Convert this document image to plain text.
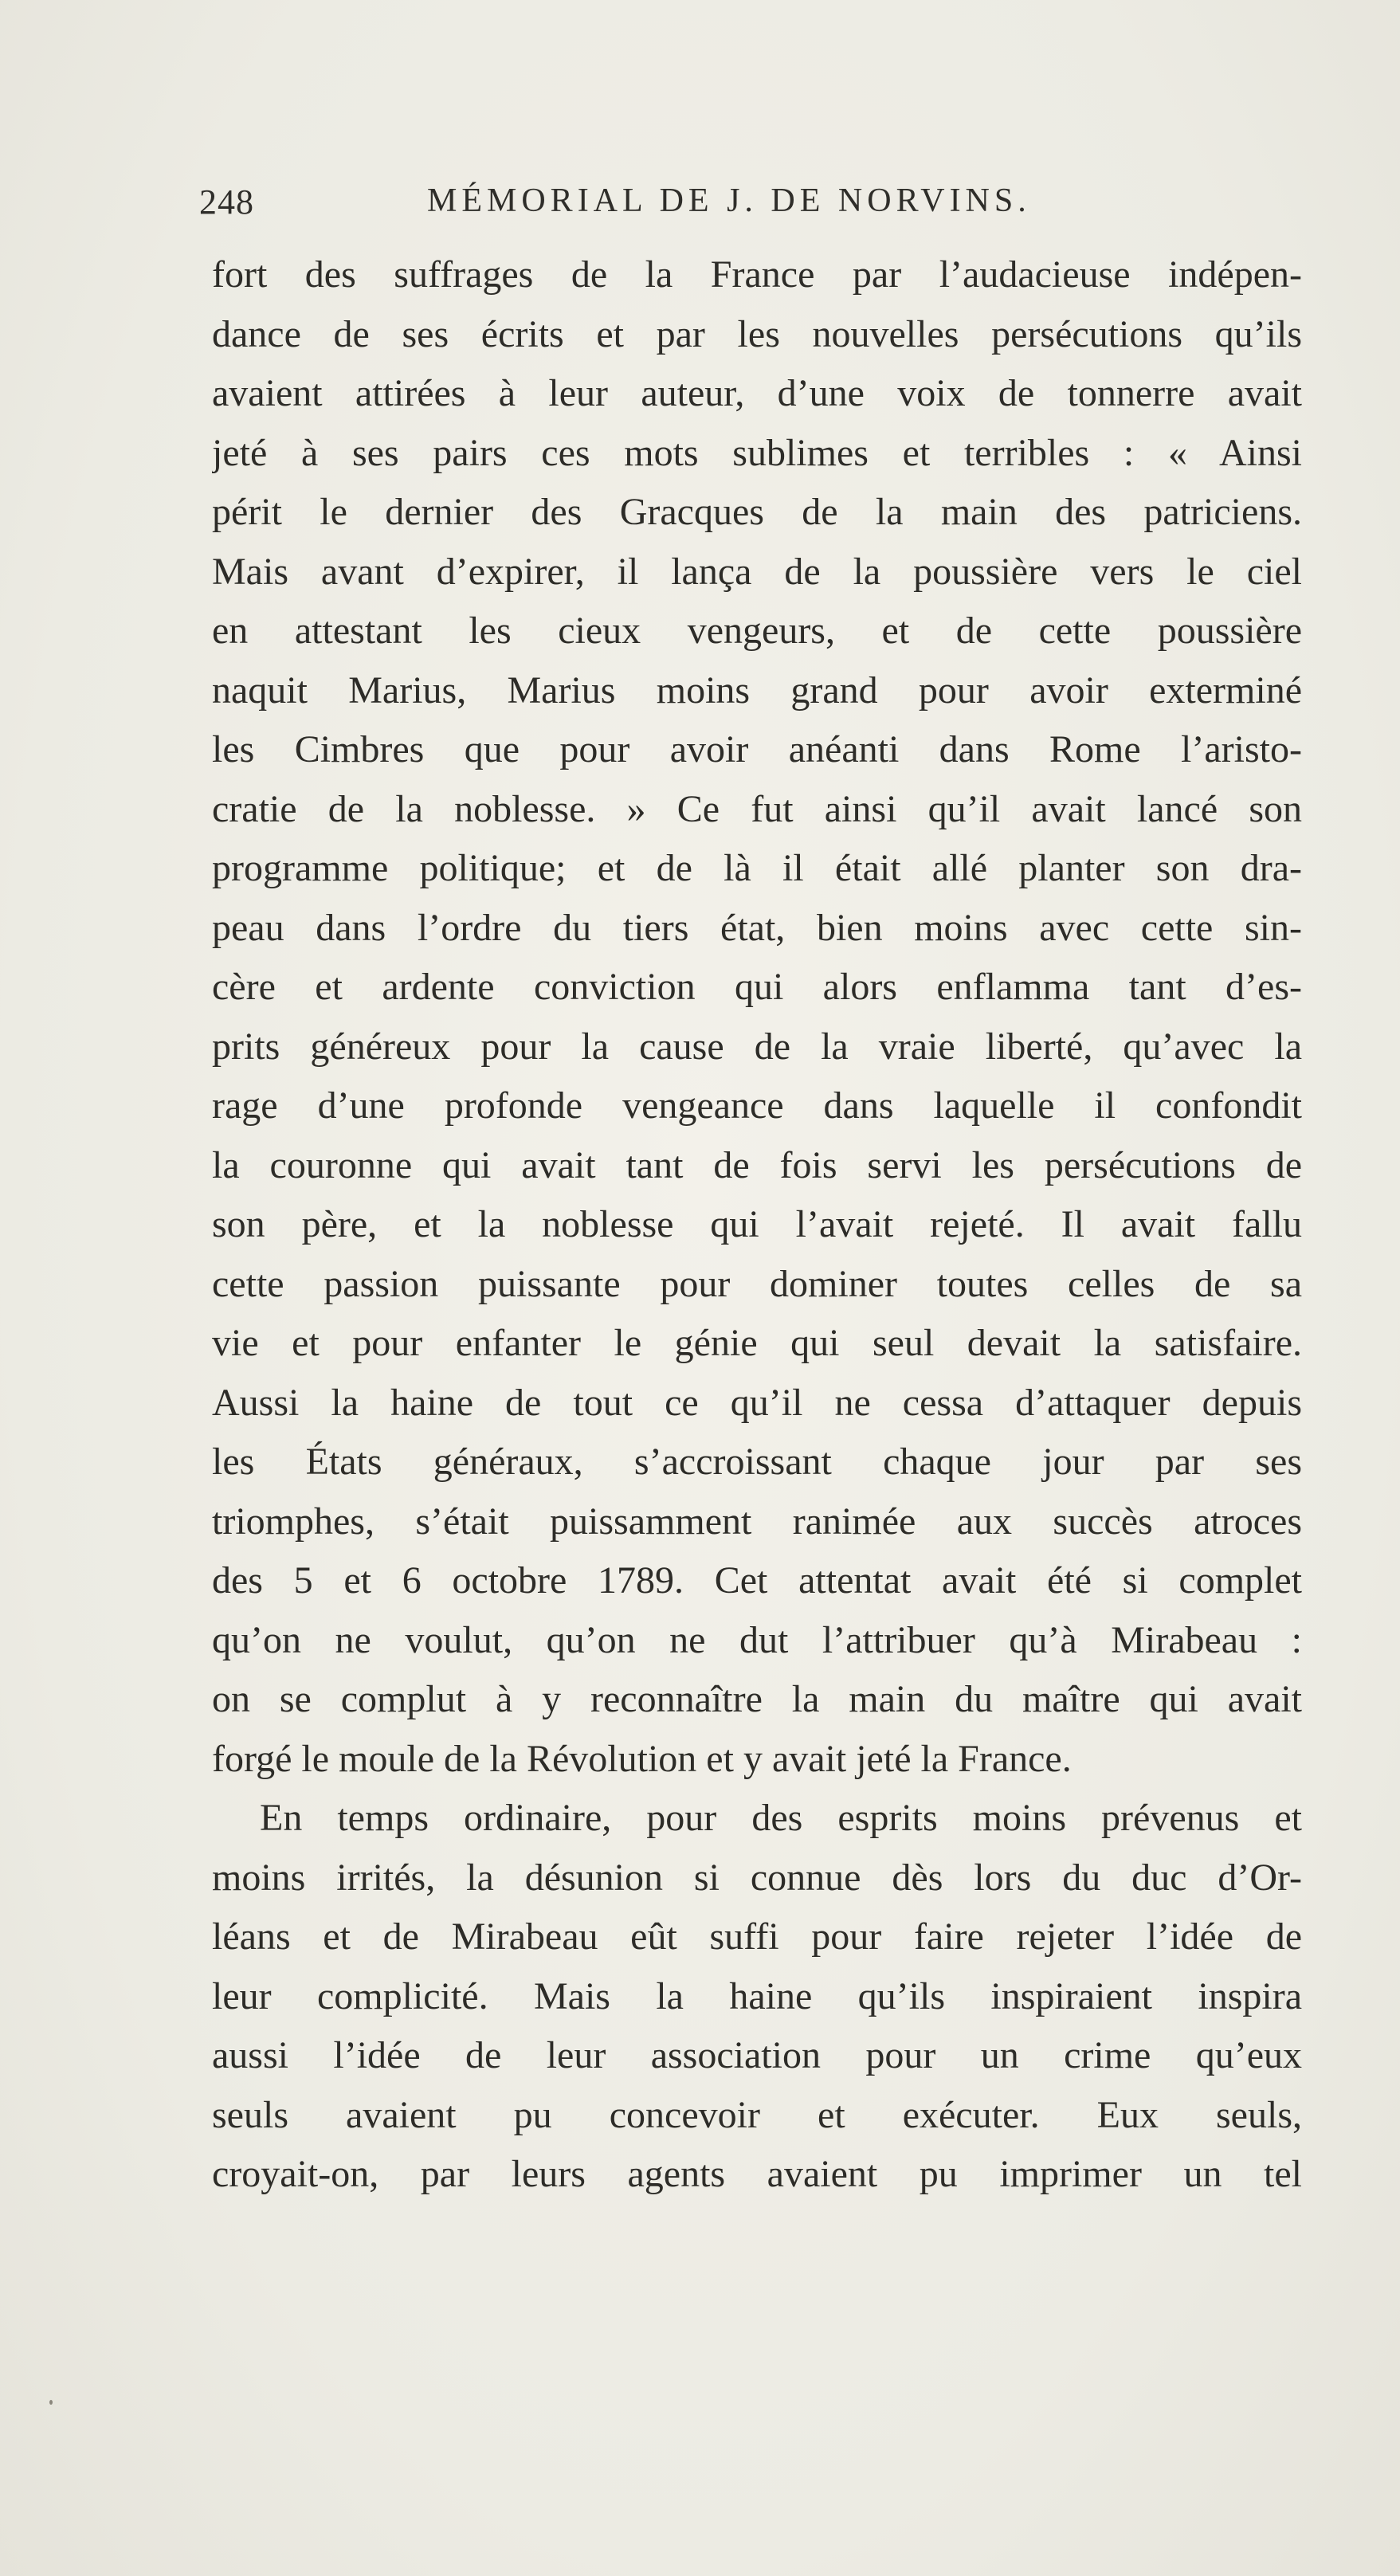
248	MÉMORIAL DE J. DE NORVINS.
fort des suffrages de la France par l’audacieuse indépen-
dance de ses écrits et par les nouvelles persécutions qu’ils
avaient attirées à leur auteur, d’une voix de tonnerre avait
jeté à ses pairs ces mots sublimes et terribles : « Ainsi
périt le dernier des Gracques de la main des patriciens.
Mais avant d’expirer, il lança de la poussière vers le ciel
en attestant les cieux vengeurs, et de cette poussière
naquit Marius, Marius moins grand pour avoir exterminé
les Cimbres que pour avoir anéanti dans Rome l’aristo-
cratie de la noblesse. » Ce fut ainsi qu’il avait lancé son
programme politique; et de là il était allé planter son dra-
peau dans l’ordre du tiers état, bien moins avec cette sin-
cère et ardente conviction qui alors enflamma tant d’es-
prits généreux pour la cause de la vraie liberté, qu’avec la
rage d’une profonde vengeance dans laquelle il confondit
la couronne qui avait tant de fois servi les persécutions de
son père, et la noblesse qui l’avait rejeté. Il avait fallu
cette passion puissante pour dominer toutes celles de sa
vie et pour enfanter le génie qui seul devait la satisfaire.
Aussi la haine de tout ce qu’il ne cessa d’attaquer depuis
les États généraux, s’accroissant chaque jour par ses
triomphes, s’était puissamment ranimée aux succès atroces
des 5 et 6 octobre 1789. Cet attentat avait été si complet
qu’on ne voulut, qu’on ne dut l’attribuer qu’à Mirabeau :
on se complut à y reconnaître la main du maître qui avait
forgé le moule de la Révolution et y avait jeté la France.
En temps ordinaire, pour des esprits moins prévenus et
moins irrités, la désunion si connue dès lors du duc d’Or-
léans et de Mirabeau eût suffi pour faire rejeter l’idée de
leur complicité. Mais la haine qu’ils inspiraient inspira
aussi l’idée de leur association pour un crime qu’eux
seuls avaient pu concevoir et exécuter. Eux seuls,
croyait-on, par leurs agents avaient pu imprimer un tel
